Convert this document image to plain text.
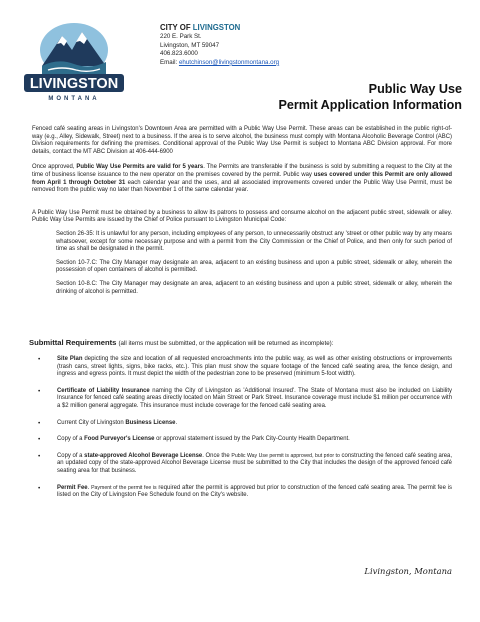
LIVINGSTON
MONTANA
CITY OF LIVINGSTON
220 E. Park St.
Livingston, MT 59047
406.823.6000
Email: ehutchinson@livingstonmontana.org
Public Way Use
Permit Application Information

Fenced café seating areas in Livingston's Downtown Area are permitted with a Public Way Use Permit. These areas can be established in the public right-of-way (e.g., Alley, Sidewalk, Street) next to a business. If the area is to serve alcohol, the business must comply with Montana Alcoholic Beverage Control (ABC) Division requirements for defining the premises. Conditional approval of the Public Way Use Permit is subject to Montana ABC Division approval. For more details, contact the MT ABC Division at 406-444-6900

Once approved, Public Way Use Permits are valid for 5 years. The Permits are transferable if the business is sold by submitting a request to the City at the time of business license issuance to the new operator on the premises covered by the permit. Public way uses covered under this Permit are only allowed from April 1 through October 31 each calendar year and the uses, and all associated improvements covered under the Public Way Use Permit, must be removed from the public way no later than November 1 of the same calendar year.

A Public Way Use Permit must be obtained by a business to allow its patrons to possess and consume alcohol on the adjacent public street, sidewalk or alley. Public Way Use Permits are issued by the Chief of Police pursuant to Livingston Municipal Code:

Section 26-35: It is unlawful for any person, including employees of any person, to unnecessarily obstruct any 'street or other public way by any means whatsoever, except for some necessary purpose and with a permit from the City Commission or the Chief of Police, and then only for such period of time as shall be designated in the permit.

Section 10-7.C: The City Manager may designate an area, adjacent to an existing business and upon a public street, sidewalk or alley, wherein the possession of open containers of alcohol is permitted.

Section 10-8.C: The City Manager may designate an area, adjacent to an existing business and upon a public street, sidewalk or alley, wherein the drinking of alcohol is permitted.

Submittal Requirements (all items must be submitted, or the application will be returned as incomplete):
•	Site Plan depicting the size and location of all requested encroachments into the public way, as well as other existing obstructions or improvements (trash cans, street lights, signs, bike racks, etc.). This plan must show the square footage of the fenced café seating area, the fence design, and ingress and egress points. It must depict the width of the pedestrian zone to be preserved (minimum 5-foot width).
•	Certificate of Liability Insurance naming the City of Livingston as 'Additional Insured'. The State of Montana must also be included on Liability Insurance for fenced café seating areas directly located on Main Street or Park Street. Insurance coverage must include $1 million per occurrence with a $2 million general aggregate. This insurance must include coverage for the fenced café seating area.
•	Current City of Livingston Business License.
•	Copy of a Food Purveyor's License or approval statement issued by the Park City-County Health Department.
•	Copy of a state-approved Alcohol Beverage License. Once the Public Way Use permit is approved, but prior to constructing the fenced café seating area, an updated copy of the state-approved Alcohol Beverage License must be submitted to the City that includes the design of the approved fenced café seating area for that business.
•	Permit Fee. Payment of the permit fee is required after the permit is approved but prior to construction of the fenced café seating area. The permit fee is listed on the City of Livingston Fee Schedule found on the City's website.
Livingston, Montana
